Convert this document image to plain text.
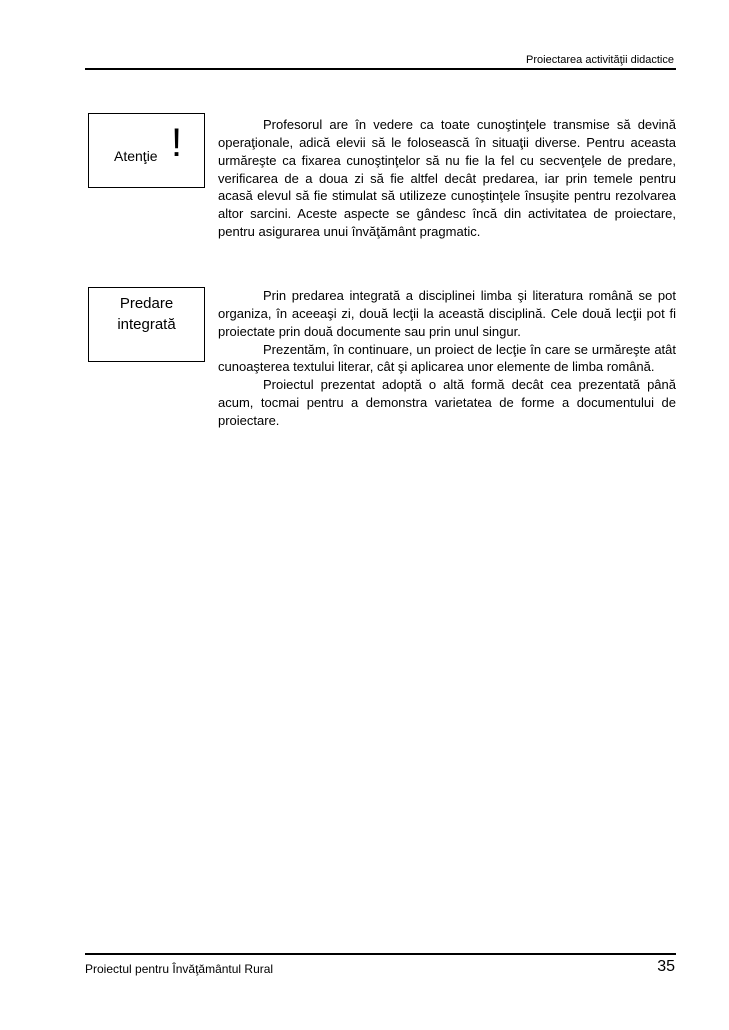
Proiectarea activităţii didactice
Atenţie !	Profesorul are în vedere ca toate cunoştinţele transmise să devină operaţionale, adică elevii să le folosească în situaţii diverse. Pentru aceasta urmăreşte ca fixarea cunoştinţelor să nu fie la fel cu secvenţele de predare, verificarea de a doua zi să fie altfel decât predarea, iar prin temele pentru acasă elevul să fie stimulat să utilizeze cunoştinţele însuşite pentru rezolvarea altor sarcini. Aceste aspecte se gândesc încă din activitatea de proiectare, pentru asigurarea unui învăţământ pragmatic.

Predare
integrată

Prin predarea integrată a disciplinei limba şi literatura română se pot organiza, în aceeaşi zi, două lecţii la această disciplină. Cele două lecţii pot fi proiectate prin două documente sau prin unul singur.

Prezentăm, în continuare, un proiect de lecţie în care se urmăreşte atât cunoaşterea textului literar, cât şi aplicarea unor elemente de limba română.

Proiectul prezentat adoptă o altă formă decât cea prezentată până acum, tocmai pentru a demonstra varietatea de forme a documentului de proiectare.

Proiectul pentru Învăţământul Rural	35
